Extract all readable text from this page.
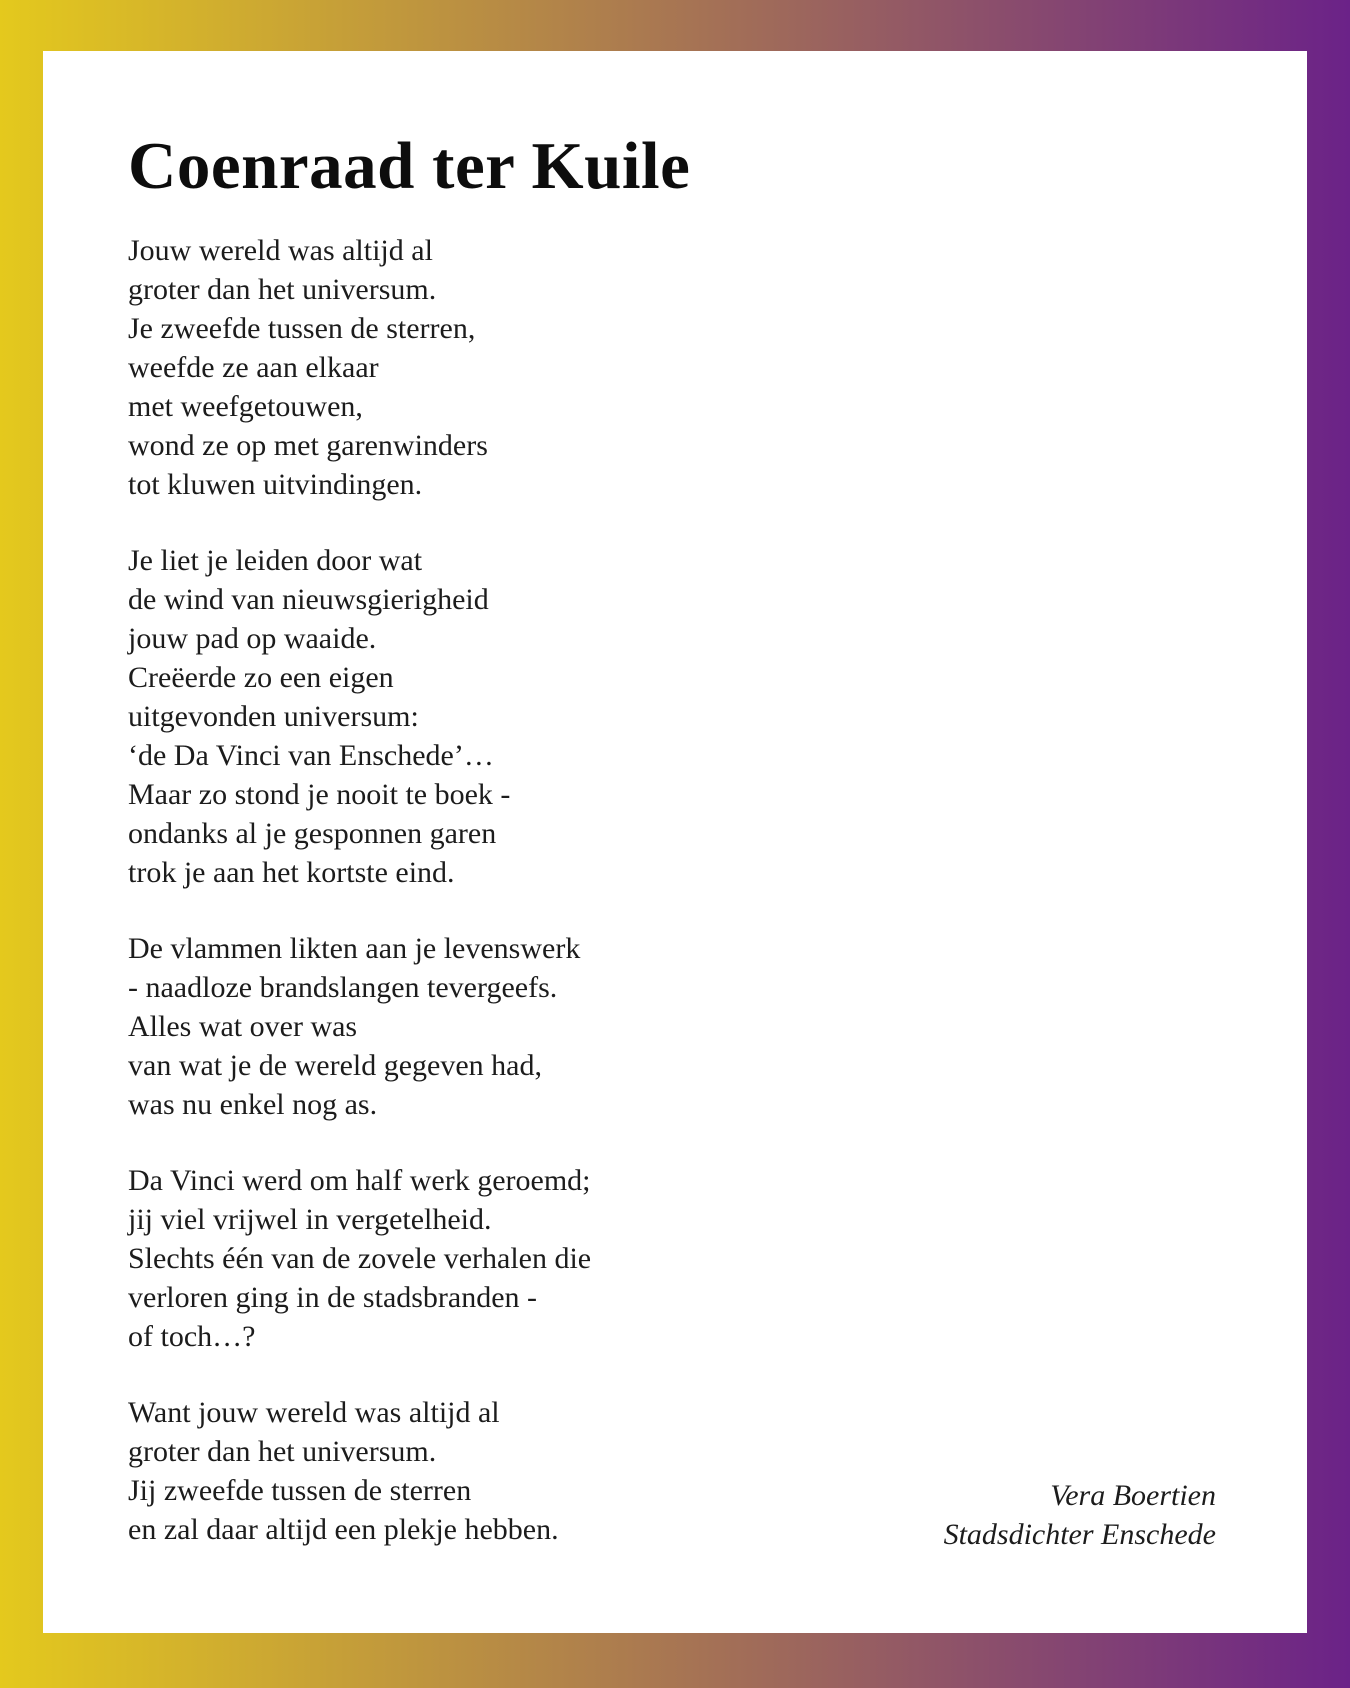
Coenraad ter Kuile
Jouw wereld was altijd al
groter dan het universum.
Je zweefde tussen de sterren,
weefde ze aan elkaar
met weefgetouwen,
wond ze op met garenwinders
tot kluwen uitvindingen.
Je liet je leiden door wat
de wind van nieuwsgierigheid
jouw pad op waaide.
Creëerde zo een eigen
uitgevonden universum:
‘de Da Vinci van Enschede’…
Maar zo stond je nooit te boek -
ondanks al je gesponnen garen
trok je aan het kortste eind.
De vlammen likten aan je levenswerk
- naadloze brandslangen tevergeefs.
Alles wat over was
van wat je de wereld gegeven had,
was nu enkel nog as.
Da Vinci werd om half werk geroemd;
jij viel vrijwel in vergetelheid.
Slechts één van de zovele verhalen die
verloren ging in de stadsbranden -
of toch…?
Want jouw wereld was altijd al
groter dan het universum.
Jij zweefde tussen de sterren
en zal daar altijd een plekje hebben.
Vera Boertien
Stadsdichter Enschede
